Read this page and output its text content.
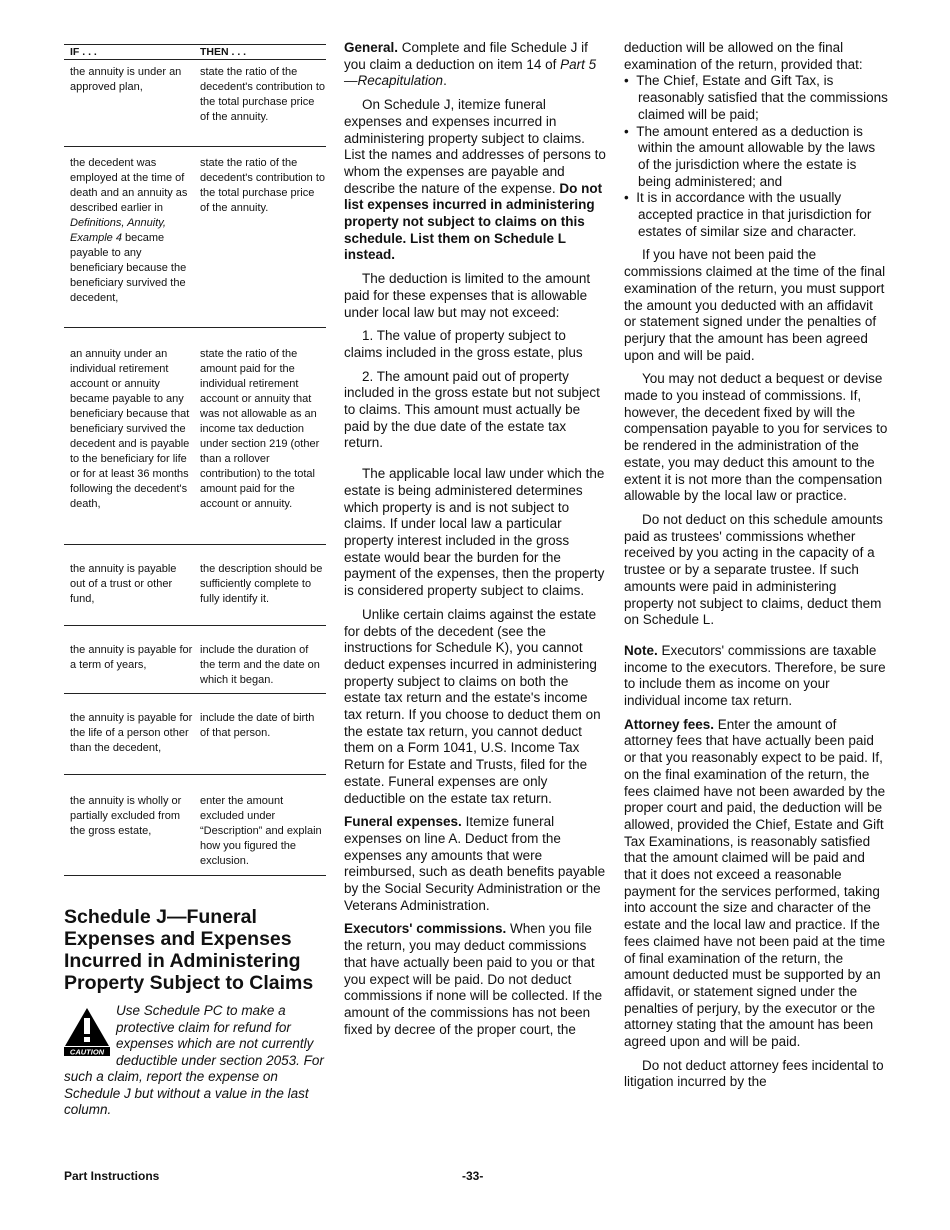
IF . . .	THEN . . .
the annuity is under an approved plan,
state the ratio of the decedent's contribution to the total purchase price of the annuity.
the decedent was employed at the time of death and an annuity as described earlier in Definitions, Annuity, Example 4 became payable to any beneficiary because the beneficiary survived the decedent,
state the ratio of the decedent's contribution to the total purchase price of the annuity.
an annuity under an individual retirement account or annuity became payable to any beneficiary because that beneficiary survived the decedent and is payable to the beneficiary for life or for at least 36 months following the decedent's death,
state the ratio of the amount paid for the individual retirement account or annuity that was not allowable as an income tax deduction under section 219 (other than a rollover contribution) to the total amount paid for the account or annuity.
the annuity is payable out of a trust or other fund,
the description should be sufficiently complete to fully identify it.
the annuity is payable for a term of years,
include the duration of the term and the date on which it began.
the annuity is payable for the life of a person other than the decedent,
include the date of birth of that person.
the annuity is wholly or partially excluded from the gross estate,
enter the amount excluded under “Description” and explain how you figured the exclusion.
Schedule J—Funeral Expenses and Expenses Incurred in Administering Property Subject to Claims
CAUTION
Use Schedule PC to make a protective claim for refund for expenses which are not currently deductible under section 2053. For such a claim, report the expense on Schedule J but without a value in the last column.

General. Complete and file Schedule J if you claim a deduction on item 14 of Part 5—Recapitulation.

On Schedule J, itemize funeral expenses and expenses incurred in administering property subject to claims. List the names and addresses of persons to whom the expenses are payable and describe the nature of the expense. Do not list expenses incurred in administering property not subject to claims on this schedule. List them on Schedule L instead.

The deduction is limited to the amount paid for these expenses that is allowable under local law but may not exceed:

1. The value of property subject to claims included in the gross estate, plus

2. The amount paid out of property included in the gross estate but not subject to claims. This amount must actually be paid by the due date of the estate tax return.

The applicable local law under which the estate is being administered determines which property is and is not subject to claims. If under local law a particular property interest included in the gross estate would bear the burden for the payment of the expenses, then the property is considered property subject to claims.

Unlike certain claims against the estate for debts of the decedent (see the instructions for Schedule K), you cannot deduct expenses incurred in administering property subject to claims on both the estate tax return and the estate's income tax return. If you choose to deduct them on the estate tax return, you cannot deduct them on a Form 1041, U.S. Income Tax Return for Estate and Trusts, filed for the estate. Funeral expenses are only deductible on the estate tax return.

Funeral expenses. Itemize funeral expenses on line A. Deduct from the expenses any amounts that were reimbursed, such as death benefits payable by the Social Security Administration or the Veterans Administration.

Executors' commissions. When you file the return, you may deduct commissions that have actually been paid to you or that you expect will be paid. Do not deduct commissions if none will be collected. If the amount of the commissions has not been fixed by decree of the proper court, the

deduction will be allowed on the final examination of the return, provided that:

•  The Chief, Estate and Gift Tax, is reasonably satisfied that the commissions claimed will be paid;

•  The amount entered as a deduction is within the amount allowable by the laws of the jurisdiction where the estate is being administered; and

•  It is in accordance with the usually accepted practice in that jurisdiction for estates of similar size and character.

If you have not been paid the commissions claimed at the time of the final examination of the return, you must support the amount you deducted with an affidavit or statement signed under the penalties of perjury that the amount has been agreed upon and will be paid.

You may not deduct a bequest or devise made to you instead of commissions. If, however, the decedent fixed by will the compensation payable to you for services to be rendered in the administration of the estate, you may deduct this amount to the extent it is not more than the compensation allowable by the local law or practice.

Do not deduct on this schedule amounts paid as trustees' commissions whether received by you acting in the capacity of a trustee or by a separate trustee. If such amounts were paid in administering property not subject to claims, deduct them on Schedule L.

Note. Executors' commissions are taxable income to the executors. Therefore, be sure to include them as income on your individual income tax return.

Attorney fees. Enter the amount of attorney fees that have actually been paid or that you reasonably expect to be paid. If, on the final examination of the return, the fees claimed have not been awarded by the proper court and paid, the deduction will be allowed, provided the Chief, Estate and Gift Tax Examinations, is reasonably satisfied that the amount claimed will be paid and that it does not exceed a reasonable payment for the services performed, taking into account the size and character of the estate and the local law and practice. If the fees claimed have not been paid at the time of final examination of the return, the amount deducted must be supported by an affidavit, or statement signed under the penalties of perjury, by the executor or the attorney stating that the amount has been agreed upon and will be paid.

Do not deduct attorney fees incidental to litigation incurred by the

Part Instructions	-33-
